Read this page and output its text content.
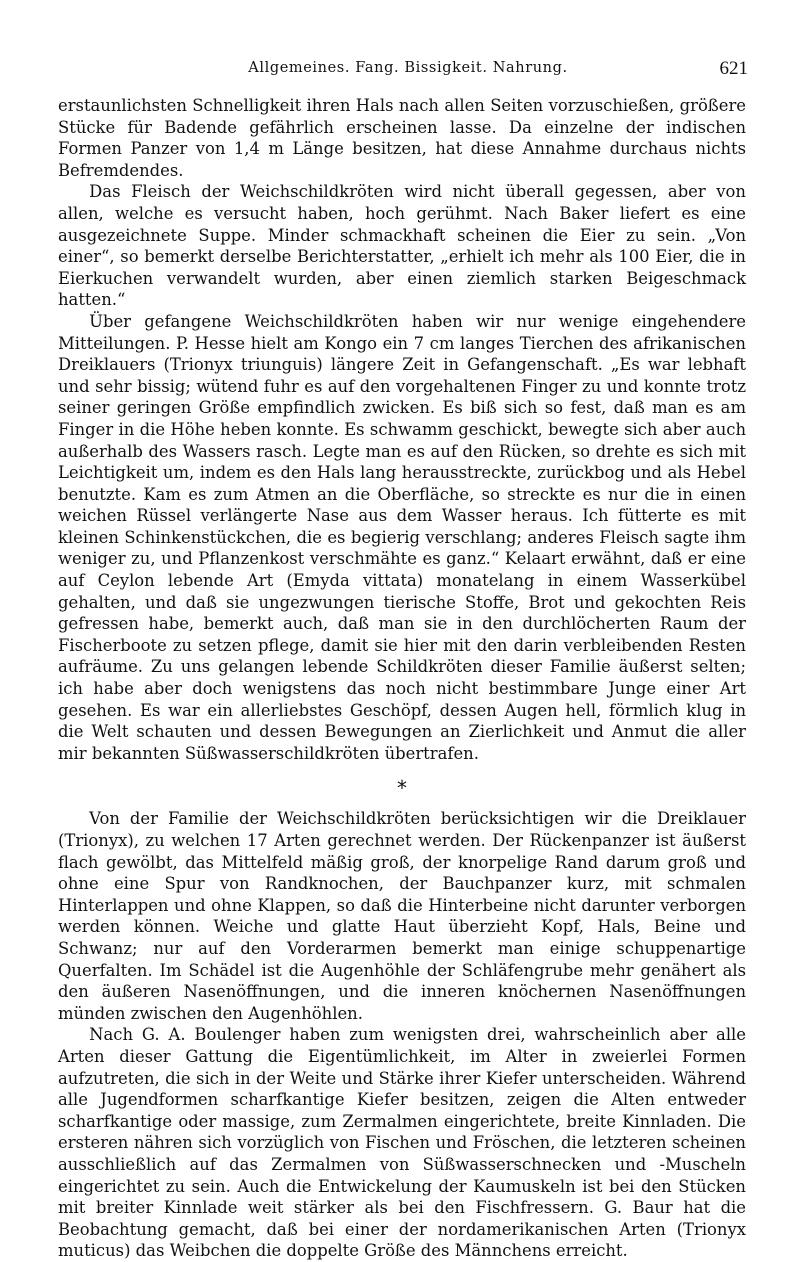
Allgemeines. Fang. Bissigkeit. Nahrung.	621

erstaunlichsten Schnelligkeit ihren Hals nach allen Seiten vorzuschießen, größere Stücke für Badende gefährlich erscheinen lasse. Da einzelne der indischen Formen Panzer von 1,4 m Länge besitzen, hat diese Annahme durchaus nichts Befremdendes.

Das Fleisch der Weichschildkröten wird nicht überall gegessen, aber von allen, welche es versucht haben, hoch gerühmt. Nach Baker liefert es eine ausgezeichnete Suppe. Minder schmackhaft scheinen die Eier zu sein. „Von einer“, so bemerkt derselbe Berichterstatter, „erhielt ich mehr als 100 Eier, die in Eierkuchen verwandelt wurden, aber einen ziemlich starken Beigeschmack hatten.“

Über gefangene Weichschildkröten haben wir nur wenige eingehendere Mitteilungen. P. Hesse hielt am Kongo ein 7 cm langes Tierchen des afrikanischen Dreiklauers (Trionyx triunguis) längere Zeit in Gefangenschaft. „Es war lebhaft und sehr bissig; wütend fuhr es auf den vorgehaltenen Finger zu und konnte trotz seiner geringen Größe empfindlich zwicken. Es biß sich so fest, daß man es am Finger in die Höhe heben konnte. Es schwamm geschickt, bewegte sich aber auch außerhalb des Wassers rasch. Legte man es auf den Rücken, so drehte es sich mit Leichtigkeit um, indem es den Hals lang herausstreckte, zurückbog und als Hebel benutzte. Kam es zum Atmen an die Oberfläche, so streckte es nur die in einen weichen Rüssel verlängerte Nase aus dem Wasser heraus. Ich fütterte es mit kleinen Schinkenstückchen, die es begierig verschlang; anderes Fleisch sagte ihm weniger zu, und Pflanzenkost verschmähte es ganz.“ Kelaart erwähnt, daß er eine auf Ceylon lebende Art (Emyda vittata) monatelang in einem Wasserkübel gehalten, und daß sie ungezwungen tierische Stoffe, Brot und gekochten Reis gefressen habe, bemerkt auch, daß man sie in den durchlöcherten Raum der Fischerboote zu setzen pflege, damit sie hier mit den darin verbleibenden Resten aufräume. Zu uns gelangen lebende Schildkröten dieser Familie äußerst selten; ich habe aber doch wenigstens das noch nicht bestimmbare Junge einer Art gesehen. Es war ein allerliebstes Geschöpf, dessen Augen hell, förmlich klug in die Welt schauten und dessen Bewegungen an Zierlichkeit und Anmut die aller mir bekannten Süßwasserschildkröten übertrafen.

*

Von der Familie der Weichschildkröten berücksichtigen wir die Dreiklauer (Trionyx), zu welchen 17 Arten gerechnet werden. Der Rückenpanzer ist äußerst flach gewölbt, das Mittelfeld mäßig groß, der knorpelige Rand darum groß und ohne eine Spur von Randknochen, der Bauchpanzer kurz, mit schmalen Hinterlappen und ohne Klappen, so daß die Hinterbeine nicht darunter verborgen werden können. Weiche und glatte Haut überzieht Kopf, Hals, Beine und Schwanz; nur auf den Vorderarmen bemerkt man einige schuppenartige Querfalten. Im Schädel ist die Augenhöhle der Schläfengrube mehr genähert als den äußeren Nasenöffnungen, und die inneren knöchernen Nasenöffnungen münden zwischen den Augenhöhlen.

Nach G. A. Boulenger haben zum wenigsten drei, wahrscheinlich aber alle Arten dieser Gattung die Eigentümlichkeit, im Alter in zweierlei Formen aufzutreten, die sich in der Weite und Stärke ihrer Kiefer unterscheiden. Während alle Jugendformen scharfkantige Kiefer besitzen, zeigen die Alten entweder scharfkantige oder massige, zum Zermalmen eingerichtete, breite Kinnladen. Die ersteren nähren sich vorzüglich von Fischen und Fröschen, die letzteren scheinen ausschließlich auf das Zermalmen von Süßwasserschnecken und -Muscheln eingerichtet zu sein. Auch die Entwickelung der Kaumuskeln ist bei den Stücken mit breiter Kinnlade weit stärker als bei den Fischfressern. G. Baur hat die Beobachtung gemacht, daß bei einer der nordamerikanischen Arten (Trionyx muticus) das Weibchen die doppelte Größe des Männchens erreicht.
